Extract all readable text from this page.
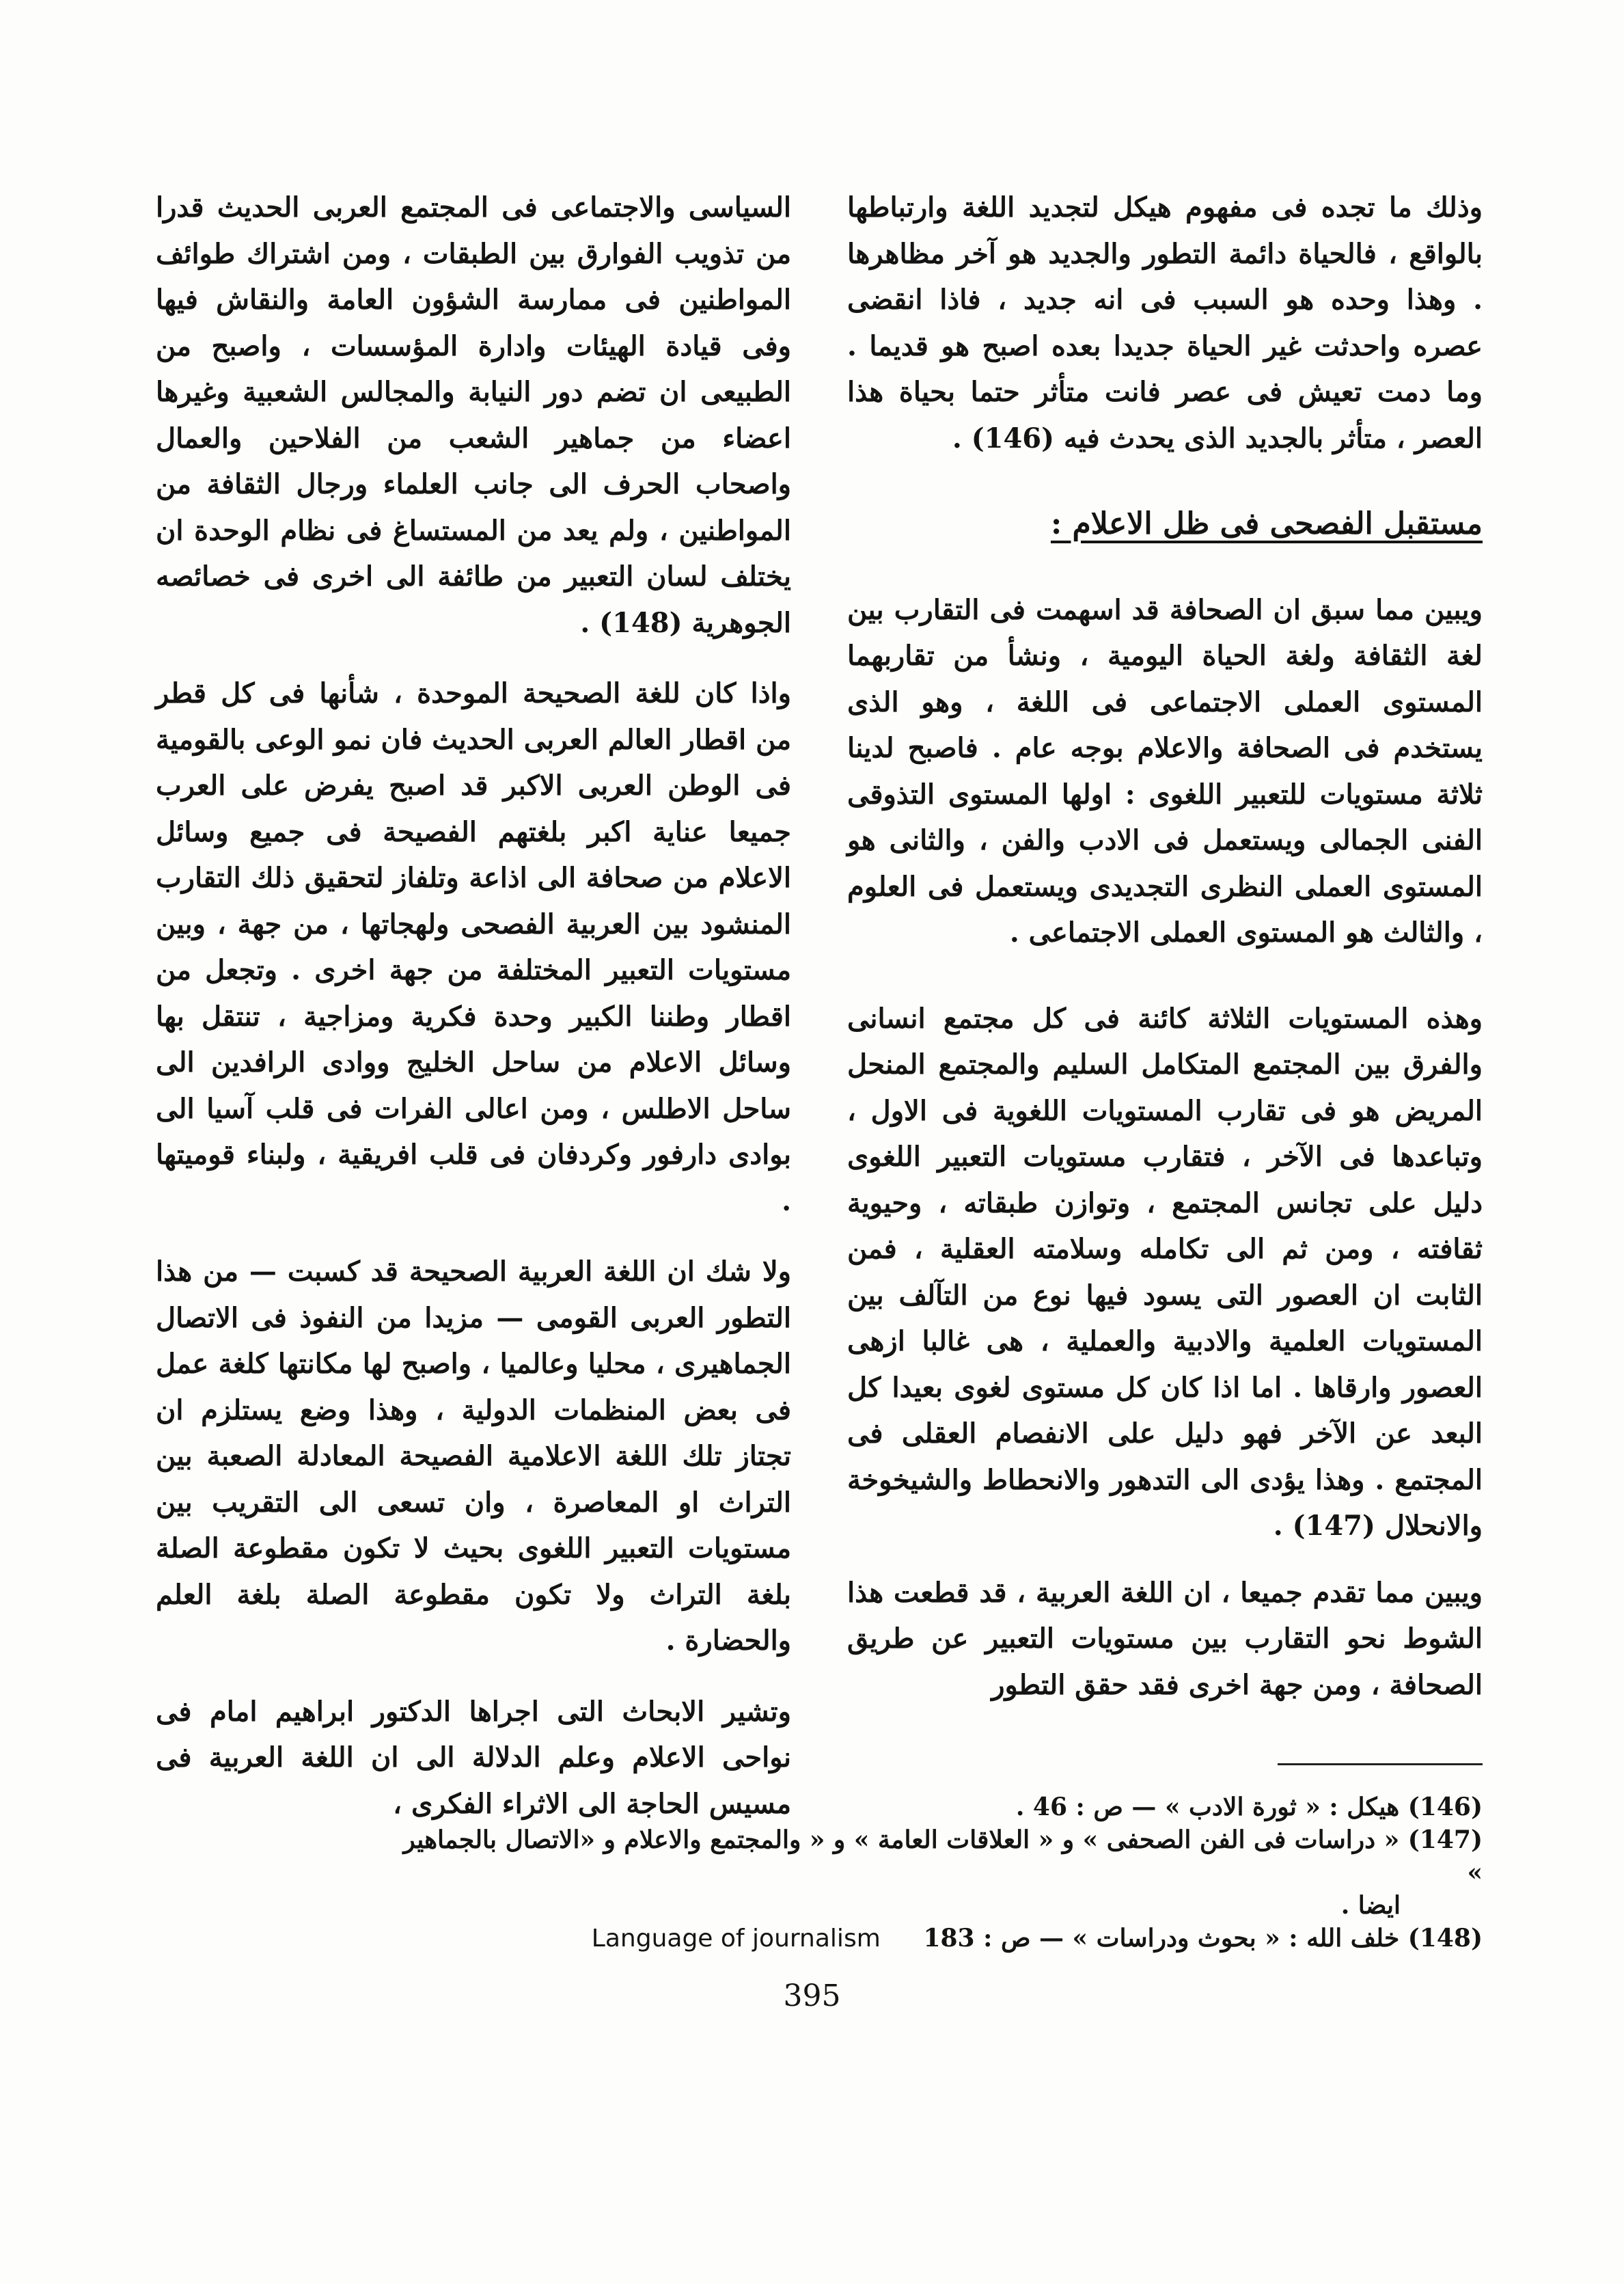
وذلك ما تجده فى مفهوم هيكل لتجديد اللغة وارتباطها بالواقع ، فالحياة دائمة التطور والجديد هو آخر مظاهرها . وهذا وحده هو السبب فى انه جديد ، فاذا انقضى عصره واحدثت غير الحياة جديدا بعده اصبح هو قديما . وما دمت تعيش فى عصر فانت متأثر حتما بحياة هذا العصر ، متأثر بالجديد الذى يحدث فيه (146) .

مستقبل الفصحى فى ظل الاعلام :

ويبين مما سبق ان الصحافة قد اسهمت فى التقارب بين لغة الثقافة ولغة الحياة اليومية ، ونشأ من تقاربهما المستوى العملى الاجتماعى فى اللغة ، وهو الذى يستخدم فى الصحافة والاعلام بوجه عام . فاصبح لدينا ثلاثة مستويات للتعبير اللغوى : اولها المستوى التذوقى الفنى الجمالى ويستعمل فى الادب والفن ، والثانى هو المستوى العملى النظرى التجديدى ويستعمل فى العلوم ، والثالث هو المستوى العملى الاجتماعى .

وهذه المستويات الثلاثة كائنة فى كل مجتمع انسانى والفرق بين المجتمع المتكامل السليم والمجتمع المنحل المريض هو فى تقارب المستويات اللغوية فى الاول ، وتباعدها فى الآخر ، فتقارب مستويات التعبير اللغوى دليل على تجانس المجتمع ، وتوازن طبقاته ، وحيوية ثقافته ، ومن ثم الى تكامله وسلامته العقلية ، فمن الثابت ان العصور التى يسود فيها نوع من التآلف بين المستويات العلمية والادبية والعملية ، هى غالبا ازهى العصور وارقاها . اما اذا كان كل مستوى لغوى بعيدا كل البعد عن الآخر فهو دليل على الانفصام العقلى فى المجتمع . وهذا يؤدى الى التدهور والانحطاط والشيخوخة والانحلال (147) .

ويبين مما تقدم جميعا ، ان اللغة العربية ، قد قطعت هذا الشوط نحو التقارب بين مستويات التعبير عن طريق الصحافة ، ومن جهة اخرى فقد حقق التطور

السياسى والاجتماعى فى المجتمع العربى الحديث قدرا من تذويب الفوارق بين الطبقات ، ومن اشتراك طوائف المواطنين فى ممارسة الشؤون العامة والنقاش فيها وفى قيادة الهيئات وادارة المؤسسات ، واصبح من الطبيعى ان تضم دور النيابة والمجالس الشعبية وغيرها اعضاء من جماهير الشعب من الفلاحين والعمال واصحاب الحرف الى جانب العلماء ورجال الثقافة من المواطنين ، ولم يعد من المستساغ فى نظام الوحدة ان يختلف لسان التعبير من طائفة الى اخرى فى خصائصه الجوهرية (148) .

واذا كان للغة الصحيحة الموحدة ، شأنها فى كل قطر من اقطار العالم العربى الحديث فان نمو الوعى بالقومية فى الوطن العربى الاكبر قد اصبح يفرض على العرب جميعا عناية اكبر بلغتهم الفصيحة فى جميع وسائل الاعلام من صحافة الى اذاعة وتلفاز لتحقيق ذلك التقارب المنشود بين العربية الفصحى ولهجاتها ، من جهة ، وبين مستويات التعبير المختلفة من جهة اخرى . وتجعل من اقطار وطننا الكبير وحدة فكرية ومزاجية ، تنتقل بها وسائل الاعلام من ساحل الخليج ووادى الرافدين الى ساحل الاطلس ، ومن اعالى الفرات فى قلب آسيا الى بوادى دارفور وكردفان فى قلب افريقية ، ولبناء قوميتها .

ولا شك ان اللغة العربية الصحيحة قد كسبت — من هذا التطور العربى القومى — مزيدا من النفوذ فى الاتصال الجماهيرى ، محليا وعالميا ، واصبح لها مكانتها كلغة عمل فى بعض المنظمات الدولية ، وهذا وضع يستلزم ان تجتاز تلك اللغة الاعلامية الفصيحة المعادلة الصعبة بين التراث او المعاصرة ، وان تسعى الى التقريب بين مستويات التعبير اللغوى بحيث لا تكون مقطوعة الصلة بلغة التراث ولا تكون مقطوعة الصلة بلغة العلم والحضارة .

وتشير الابحاث التى اجراها الدكتور ابراهيم امام فى نواحى الاعلام وعلم الدلالة الى ان اللغة العربية فى مسيس الحاجة الى الاثراء الفكرى ،	(146) هيكل : « ثورة الادب » — ص : 46 .

(147) « دراسات فى الفن الصحفى » و « العلاقات العامة » و « والمجتمع والاعلام و «الاتصال بالجماهير »

ايضا .

(148) خلف الله : « بحوث ودراسات » — ص : 183     Language of journalism

395
